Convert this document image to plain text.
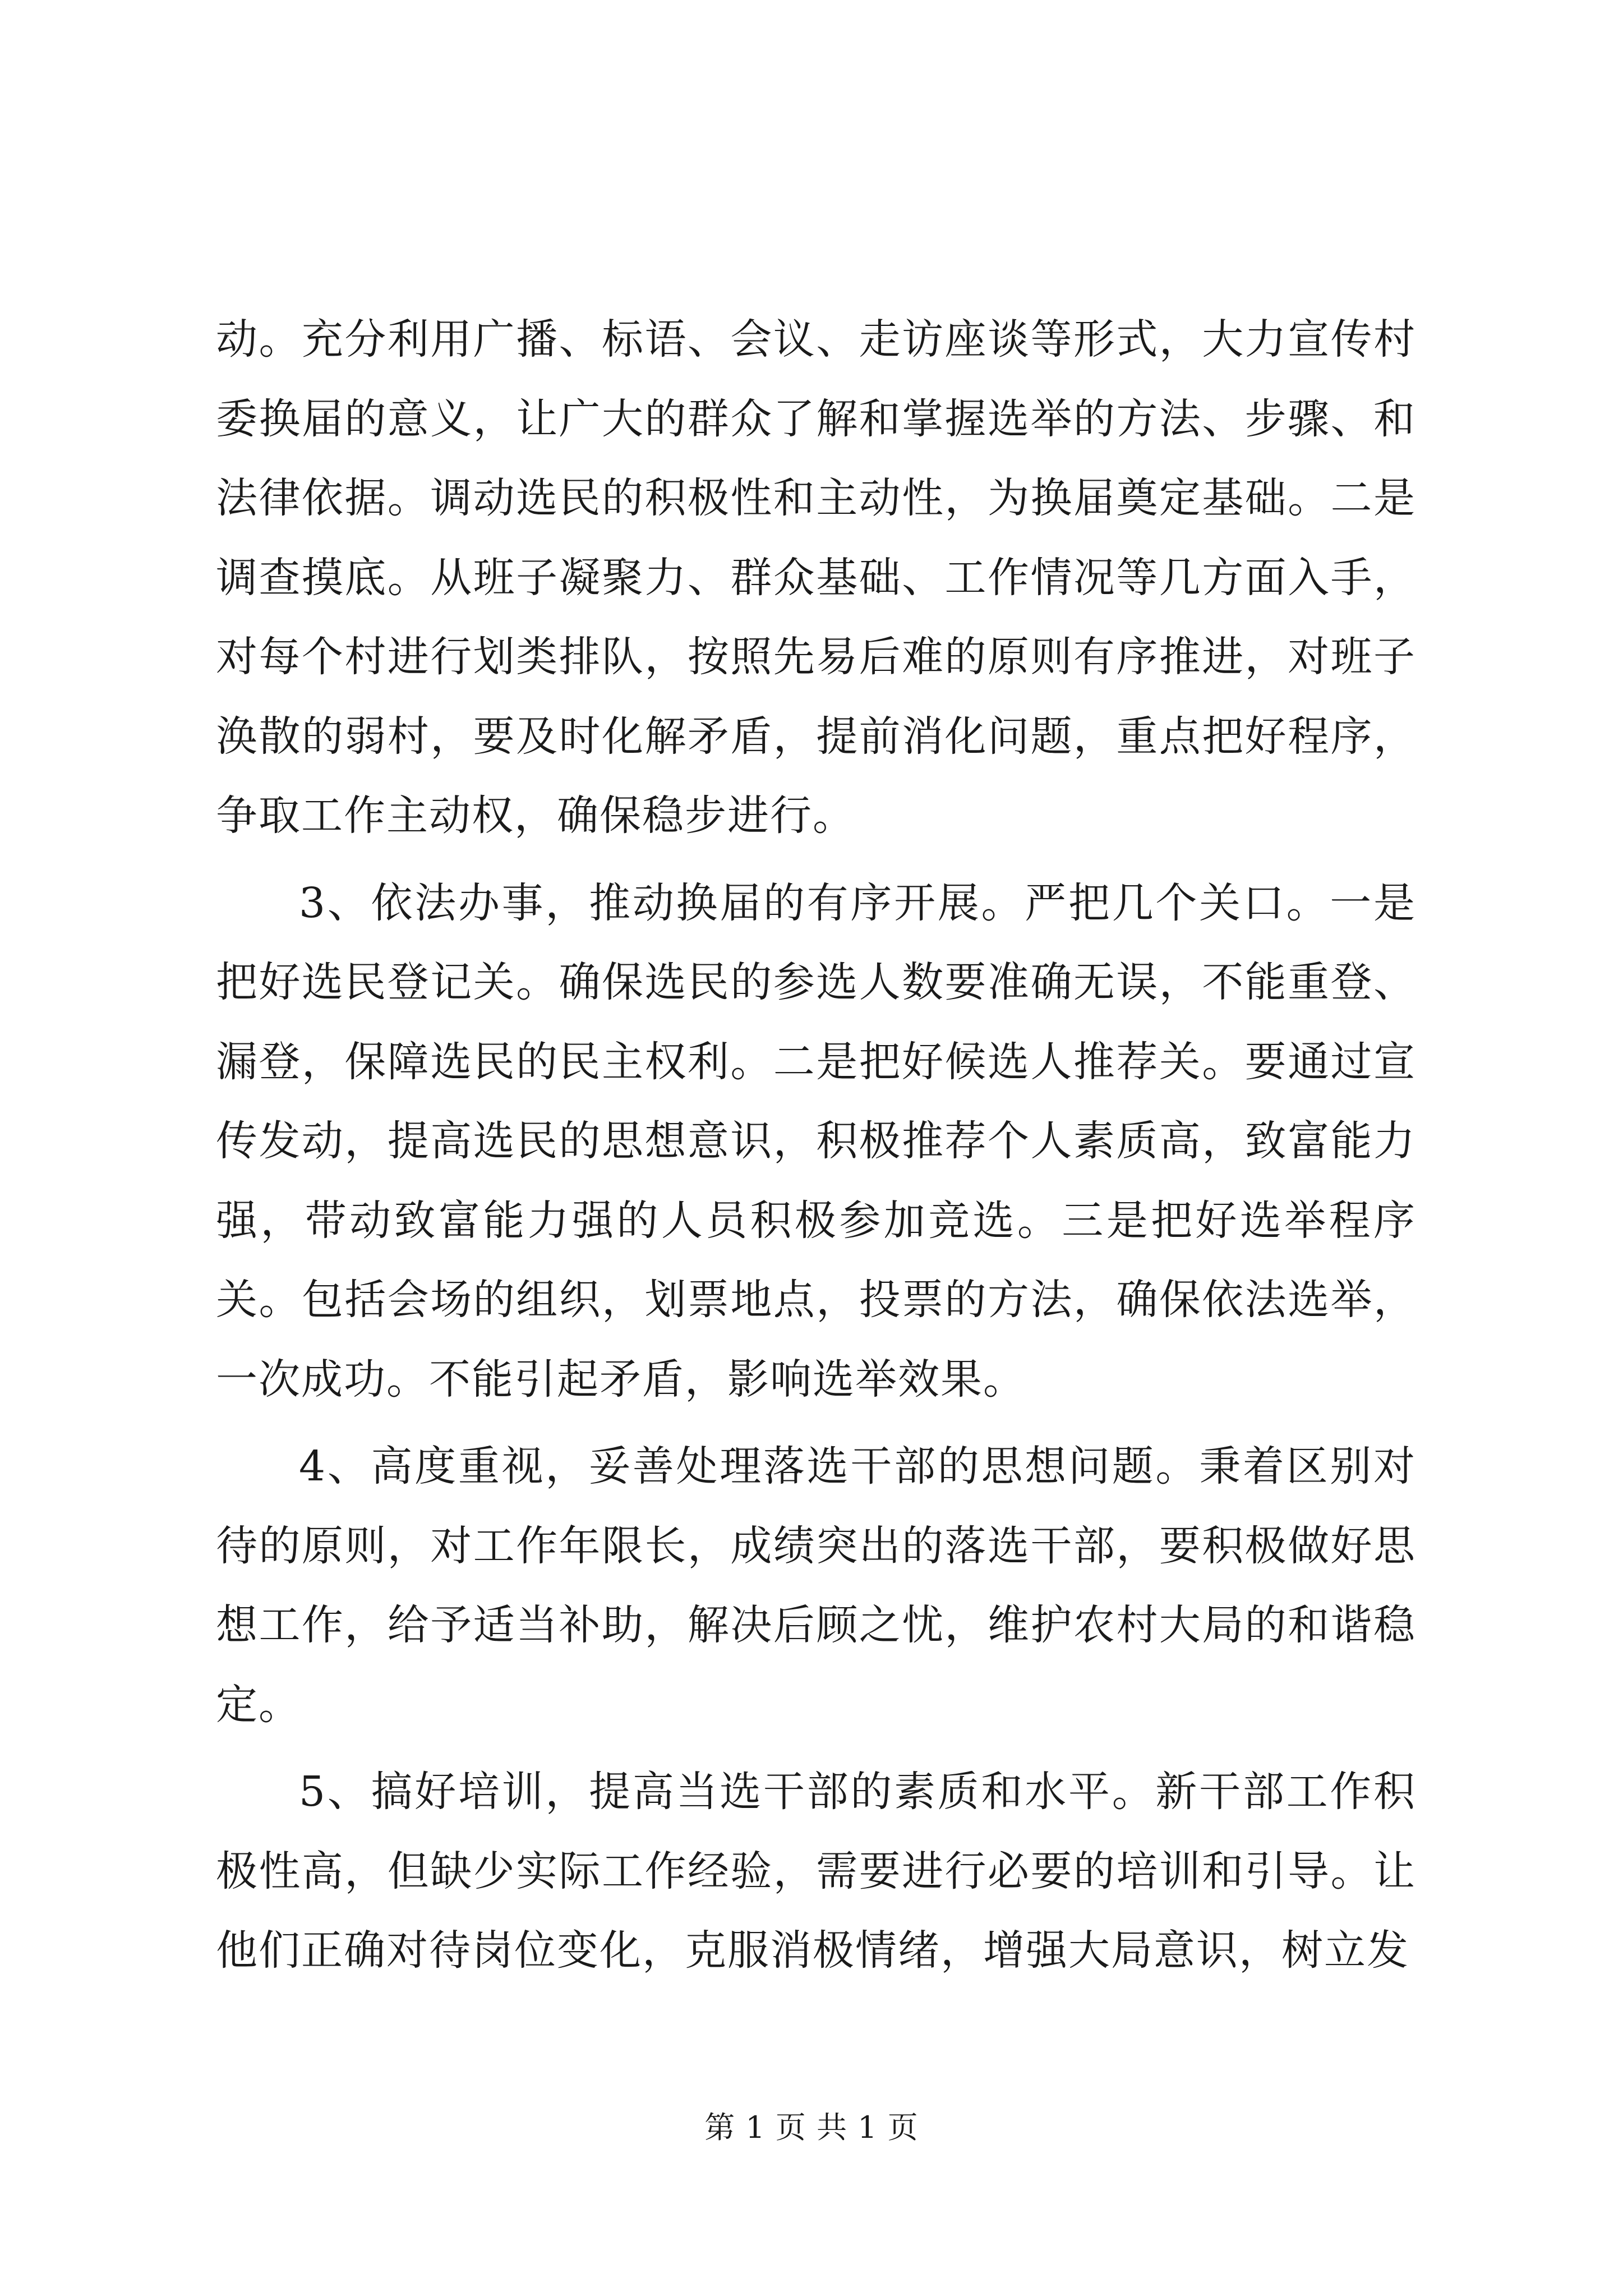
动。充分利用广播、标语、会议、走访座谈等形式，大力宣传村委换届的意义，让广大的群众了解和掌握选举的方法、步骤、和法律依据。调动选民的积极性和主动性，为换届奠定基础。二是调查摸底。从班子凝聚力、群众基础、工作情况等几方面入手，对每个村进行划类排队，按照先易后难的原则有序推进，对班子涣散的弱村，要及时化解矛盾，提前消化问题，重点把好程序，争取工作主动权，确保稳步进行。

3、依法办事，推动换届的有序开展。严把几个关口。一是把好选民登记关。确保选民的参选人数要准确无误，不能重登、漏登，保障选民的民主权利。二是把好候选人推荐关。要通过宣传发动，提高选民的思想意识，积极推荐个人素质高，致富能力强，带动致富能力强的人员积极参加竞选。三是把好选举程序关。包括会场的组织，划票地点，投票的方法，确保依法选举，一次成功。不能引起矛盾，影响选举效果。

4、高度重视，妥善处理落选干部的思想问题。秉着区别对待的原则，对工作年限长，成绩突出的落选干部，要积极做好思想工作，给予适当补助，解决后顾之忧，维护农村大局的和谐稳定。

5、搞好培训，提高当选干部的素质和水平。新干部工作积极性高，但缺少实际工作经验，需要进行必要的培训和引导。让他们正确对待岗位变化，克服消极情绪，增强大局意识，树立发

第 1 页 共 1 页
